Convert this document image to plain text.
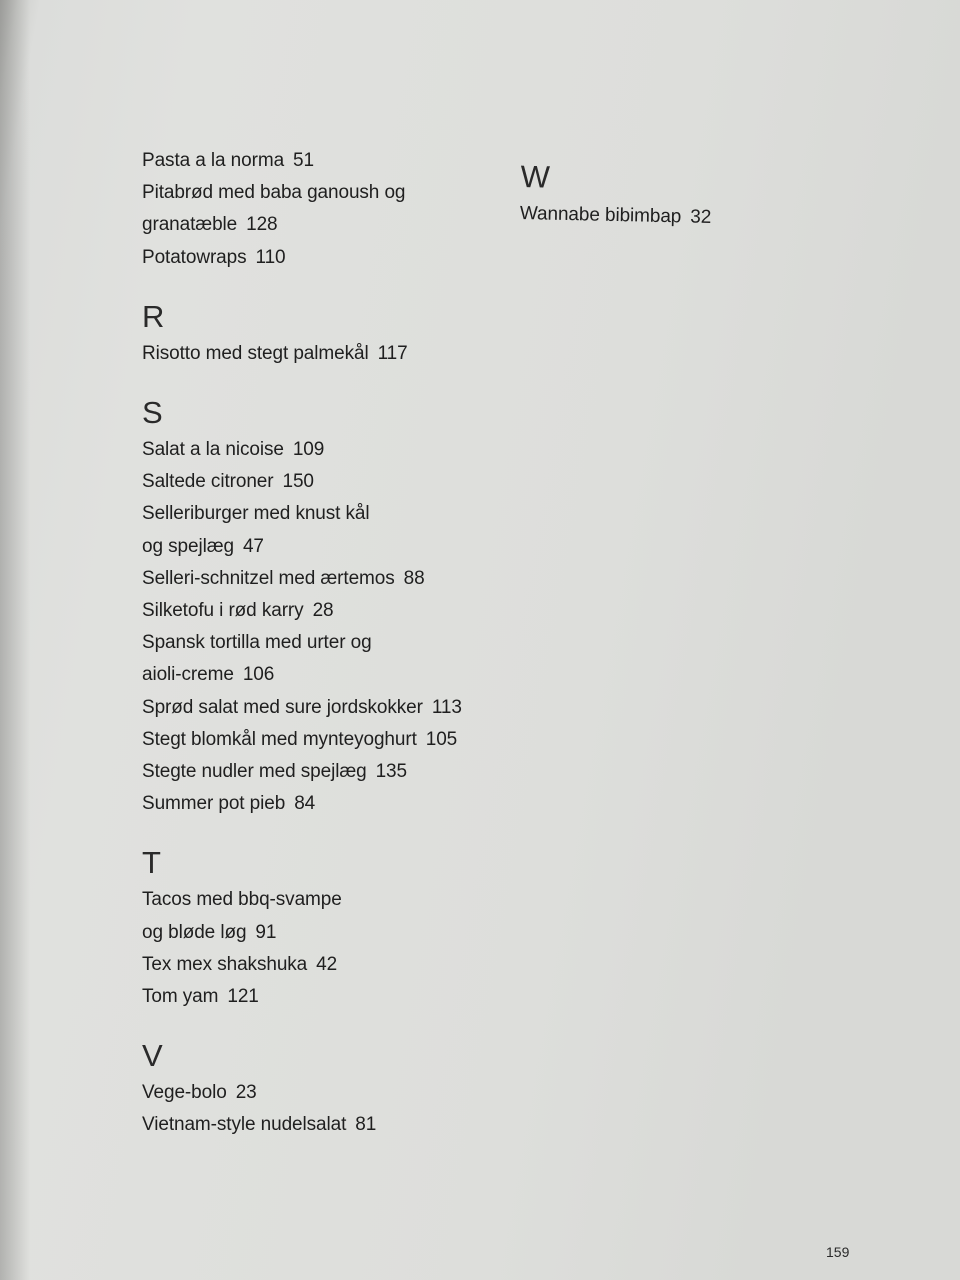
Pasta a la norma 51
Pitabrød med baba ganoush og
granatæble 128
Potatowraps 110
R
Risotto med stegt palmekål 117
S
Salat a la nicoise 109
Saltede citroner 150
Selleriburger med knust kål
og spejlæg 47
Selleri-schnitzel med ærtemos 88
Silketofu i rød karry 28
Spansk tortilla med urter og
aioli-creme 106
Sprød salat med sure jordskokker 113
Stegt blomkål med mynteyoghurt 105
Stegte nudler med spejlæg 135
Summer pot pieb 84
T
Tacos med bbq-svampe
og bløde løg 91
Tex mex shakshuka 42
Tom yam 121
V
Vege-bolo 23
Vietnam-style nudelsalat 81
W
Wannabe bibimbap 32
159
